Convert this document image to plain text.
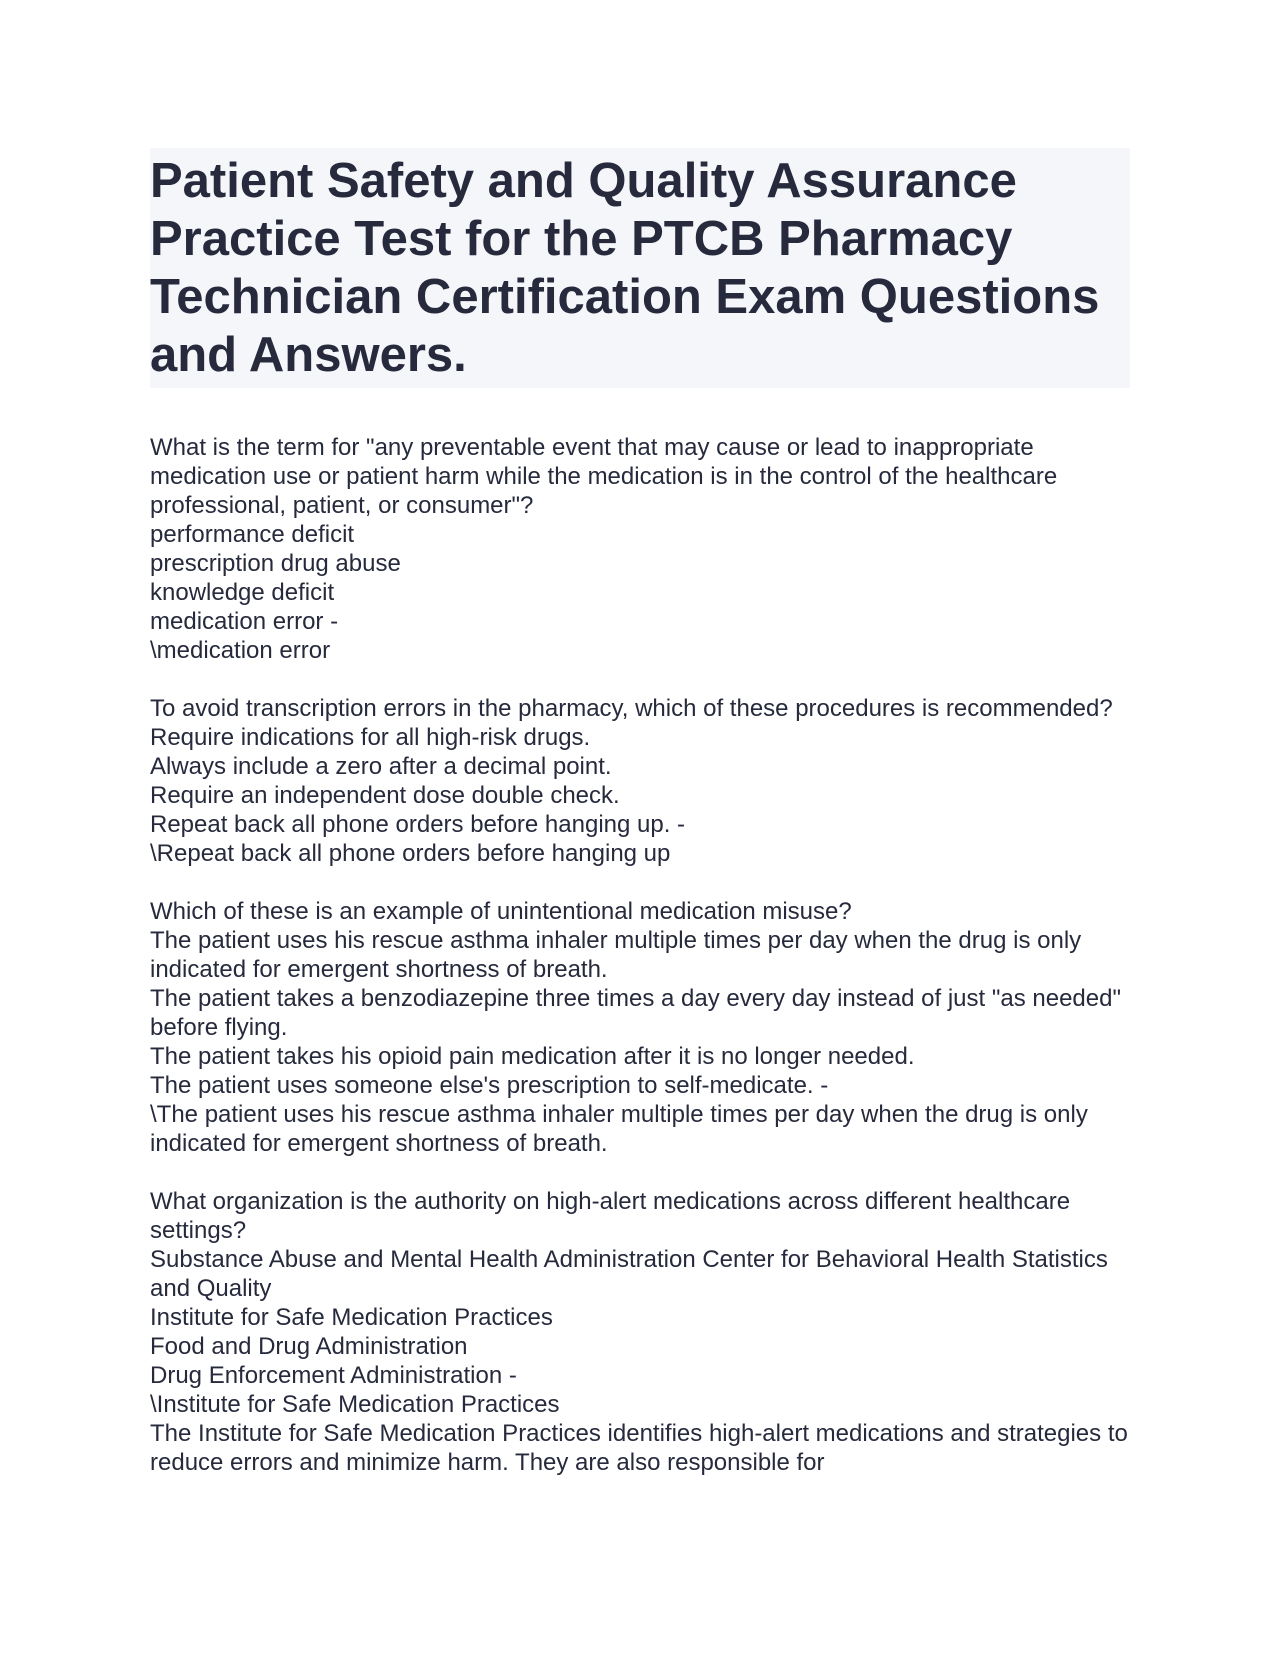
Patient Safety and Quality Assurance Practice Test for the PTCB Pharmacy Technician Certification Exam Questions and Answers.
What is the term for "any preventable event that may cause or lead to inappropriate medication use or patient harm while the medication is in the control of the healthcare professional, patient, or consumer"?
performance deficit
prescription drug abuse
knowledge deficit
medication error -
\medication error
To avoid transcription errors in the pharmacy, which of these procedures is recommended?
Require indications for all high-risk drugs.
Always include a zero after a decimal point.
Require an independent dose double check.
Repeat back all phone orders before hanging up. -
\Repeat back all phone orders before hanging up
Which of these is an example of unintentional medication misuse?
The patient uses his rescue asthma inhaler multiple times per day when the drug is only indicated for emergent shortness of breath.
The patient takes a benzodiazepine three times a day every day instead of just "as needed" before flying.
The patient takes his opioid pain medication after it is no longer needed.
The patient uses someone else's prescription to self-medicate. -
\The patient uses his rescue asthma inhaler multiple times per day when the drug is only indicated for emergent shortness of breath.
What organization is the authority on high-alert medications across different healthcare settings?
Substance Abuse and Mental Health Administration Center for Behavioral Health Statistics and Quality
Institute for Safe Medication Practices
Food and Drug Administration
Drug Enforcement Administration -
\Institute for Safe Medication Practices
The Institute for Safe Medication Practices identifies high-alert medications and strategies to reduce errors and minimize harm. They are also responsible for
